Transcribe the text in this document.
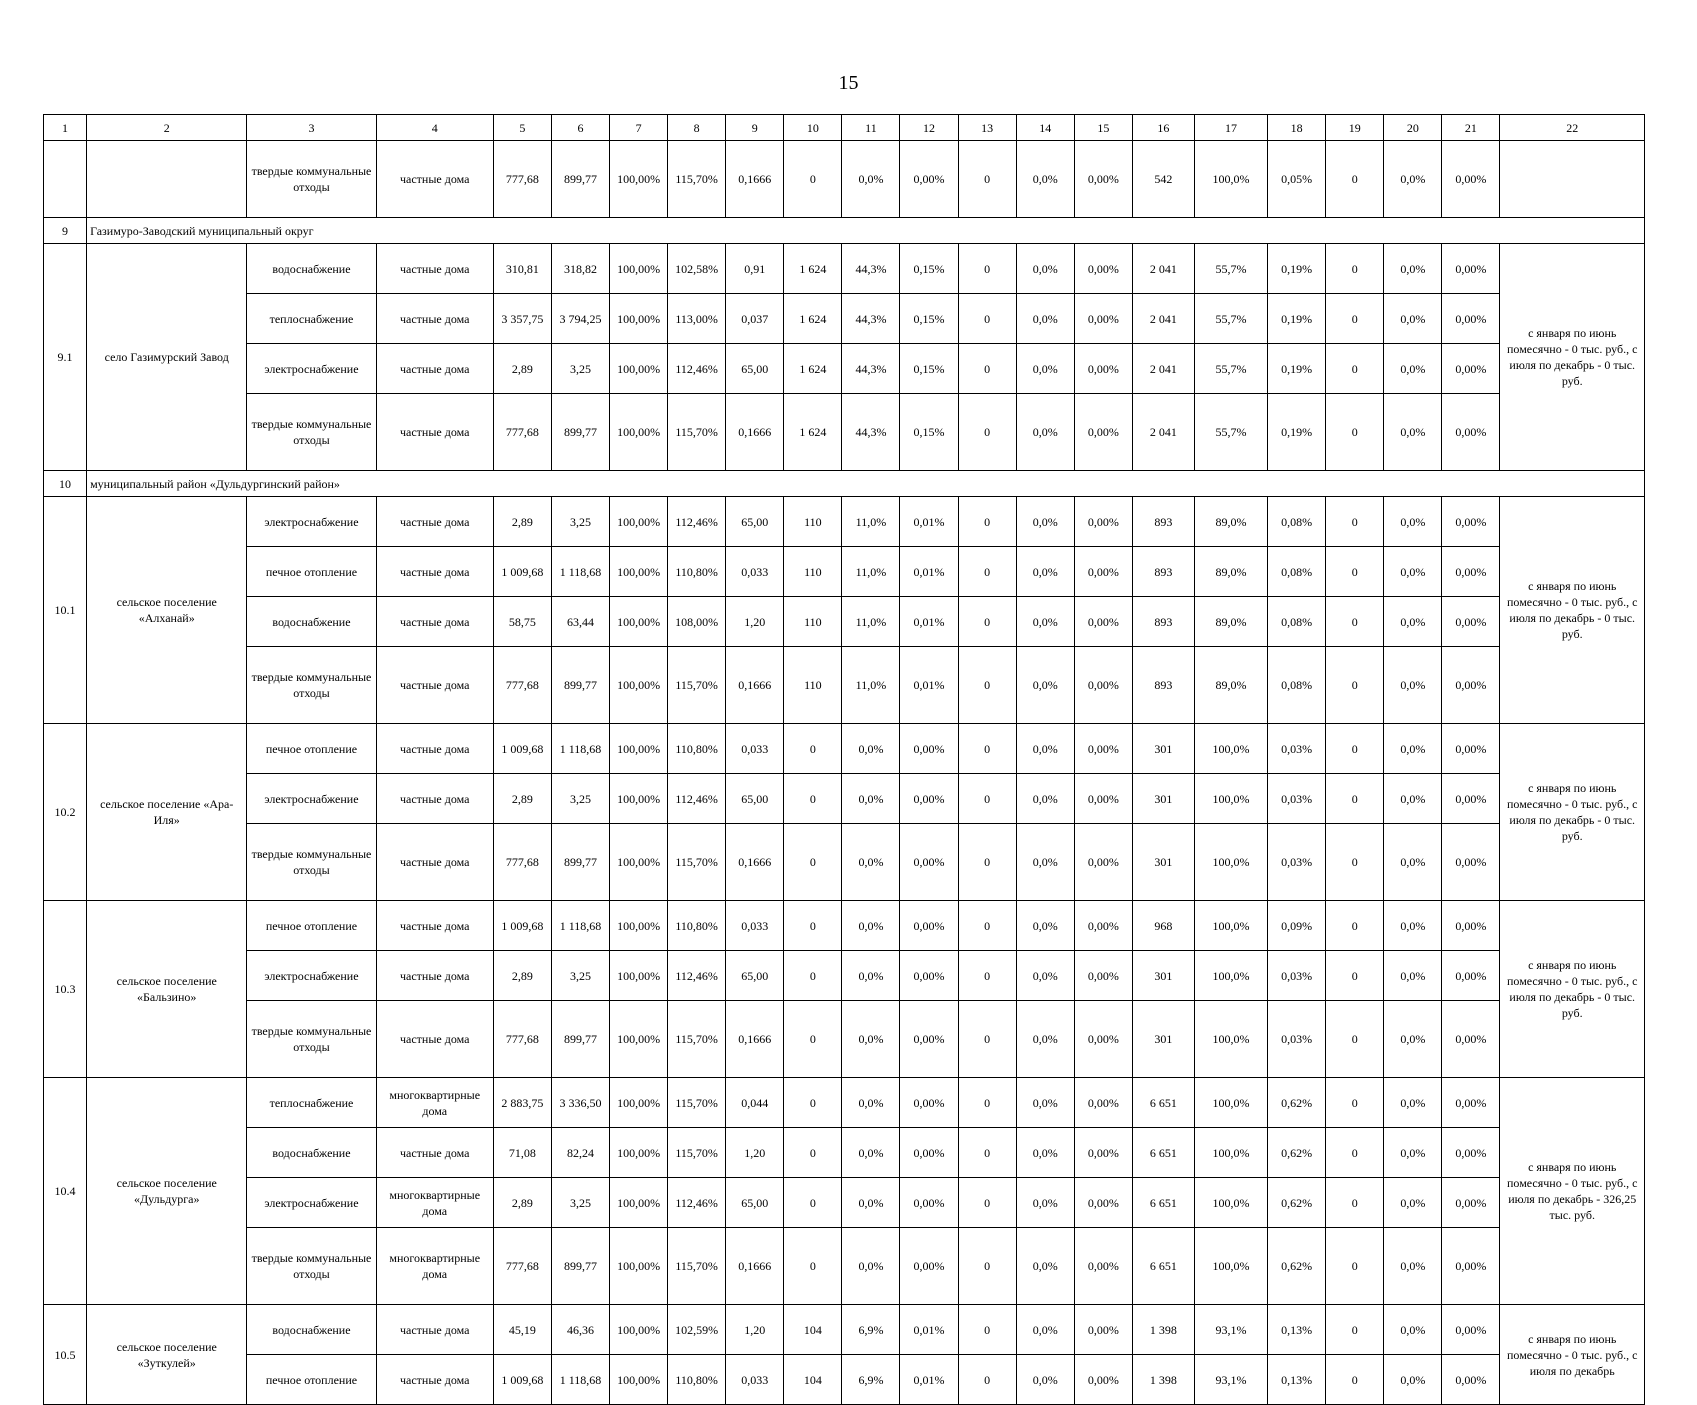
15
1	2	3	4	5	6	7	8	9	10	11	12	13	14	15	16	17	18	19	20	21	22
		твердые коммунальные отходы	частные дома	777,68	899,77	100,00%	115,70%	0,1666	0	0,0%	0,00%	0	0,0%	0,00%	542	100,0%	0,05%	0	0,0%	0,00%	
9	Газимуро-Заводский муниципальный округ																				
9.1	село Газимурский Завод	водоснабжение	частные дома	310,81	318,82	100,00%	102,58%	0,91	1 624	44,3%	0,15%	0	0,0%	0,00%	2 041	55,7%	0,19%	0	0,0%	0,00%	с января по июнь помесячно - 0 тыс. руб., с июля по декабрь - 0 тыс. руб.
		теплоснабжение	частные дома	3 357,75	3 794,25	100,00%	113,00%	0,037	1 624	44,3%	0,15%	0	0,0%	0,00%	2 041	55,7%	0,19%	0	0,0%	0,00%	
		электроснабжение	частные дома	2,89	3,25	100,00%	112,46%	65,00	1 624	44,3%	0,15%	0	0,0%	0,00%	2 041	55,7%	0,19%	0	0,0%	0,00%	
		твердые коммунальные отходы	частные дома	777,68	899,77	100,00%	115,70%	0,1666	1 624	44,3%	0,15%	0	0,0%	0,00%	2 041	55,7%	0,19%	0	0,0%	0,00%	
10	муниципальный район «Дульдургинский район»																				
10.1	сельское поселение «Алханай»	электроснабжение	частные дома	2,89	3,25	100,00%	112,46%	65,00	110	11,0%	0,01%	0	0,0%	0,00%	893	89,0%	0,08%	0	0,0%	0,00%	с января по июнь помесячно - 0 тыс. руб., с июля по декабрь - 0 тыс. руб.
		печное отопление	частные дома	1 009,68	1 118,68	100,00%	110,80%	0,033	110	11,0%	0,01%	0	0,0%	0,00%	893	89,0%	0,08%	0	0,0%	0,00%	
		водоснабжение	частные дома	58,75	63,44	100,00%	108,00%	1,20	110	11,0%	0,01%	0	0,0%	0,00%	893	89,0%	0,08%	0	0,0%	0,00%	
		твердые коммунальные отходы	частные дома	777,68	899,77	100,00%	115,70%	0,1666	110	11,0%	0,01%	0	0,0%	0,00%	893	89,0%	0,08%	0	0,0%	0,00%	
10.2	сельское поселение «Ара-Иля»	печное отопление	частные дома	1 009,68	1 118,68	100,00%	110,80%	0,033	0	0,0%	0,00%	0	0,0%	0,00%	301	100,0%	0,03%	0	0,0%	0,00%	с января по июнь помесячно - 0 тыс. руб., с июля по декабрь - 0 тыс. руб.
		электроснабжение	частные дома	2,89	3,25	100,00%	112,46%	65,00	0	0,0%	0,00%	0	0,0%	0,00%	301	100,0%	0,03%	0	0,0%	0,00%	
		твердые коммунальные отходы	частные дома	777,68	899,77	100,00%	115,70%	0,1666	0	0,0%	0,00%	0	0,0%	0,00%	301	100,0%	0,03%	0	0,0%	0,00%	
10.3	сельское поселение «Бальзино»	печное отопление	частные дома	1 009,68	1 118,68	100,00%	110,80%	0,033	0	0,0%	0,00%	0	0,0%	0,00%	968	100,0%	0,09%	0	0,0%	0,00%	с января по июнь помесячно - 0 тыс. руб., с июля по декабрь - 0 тыс. руб.
		электроснабжение	частные дома	2,89	3,25	100,00%	112,46%	65,00	0	0,0%	0,00%	0	0,0%	0,00%	301	100,0%	0,03%	0	0,0%	0,00%	
		твердые коммунальные отходы	частные дома	777,68	899,77	100,00%	115,70%	0,1666	0	0,0%	0,00%	0	0,0%	0,00%	301	100,0%	0,03%	0	0,0%	0,00%	
10.4	сельское поселение «Дульдурга»	теплоснабжение	многоквартирные дома	2 883,75	3 336,50	100,00%	115,70%	0,044	0	0,0%	0,00%	0	0,0%	0,00%	6 651	100,0%	0,62%	0	0,0%	0,00%	с января по июнь помесячно - 0 тыс. руб., с июля по декабрь - 326,25 тыс. руб.
		водоснабжение	частные дома	71,08	82,24	100,00%	115,70%	1,20	0	0,0%	0,00%	0	0,0%	0,00%	6 651	100,0%	0,62%	0	0,0%	0,00%	
		электроснабжение	многоквартирные дома	2,89	3,25	100,00%	112,46%	65,00	0	0,0%	0,00%	0	0,0%	0,00%	6 651	100,0%	0,62%	0	0,0%	0,00%	
		твердые коммунальные отходы	многоквартирные дома	777,68	899,77	100,00%	115,70%	0,1666	0	0,0%	0,00%	0	0,0%	0,00%	6 651	100,0%	0,62%	0	0,0%	0,00%	
10.5	сельское поселение «Зуткулей»	водоснабжение	частные дома	45,19	46,36	100,00%	102,59%	1,20	104	6,9%	0,01%	0	0,0%	0,00%	1 398	93,1%	0,13%	0	0,0%	0,00%	с января по июнь помесячно - 0 тыс. руб., с июля по декабрь
		печное отопление	частные дома	1 009,68	1 118,68	100,00%	110,80%	0,033	104	6,9%	0,01%	0	0,0%	0,00%	1 398	93,1%	0,13%	0	0,0%	0,00%	
